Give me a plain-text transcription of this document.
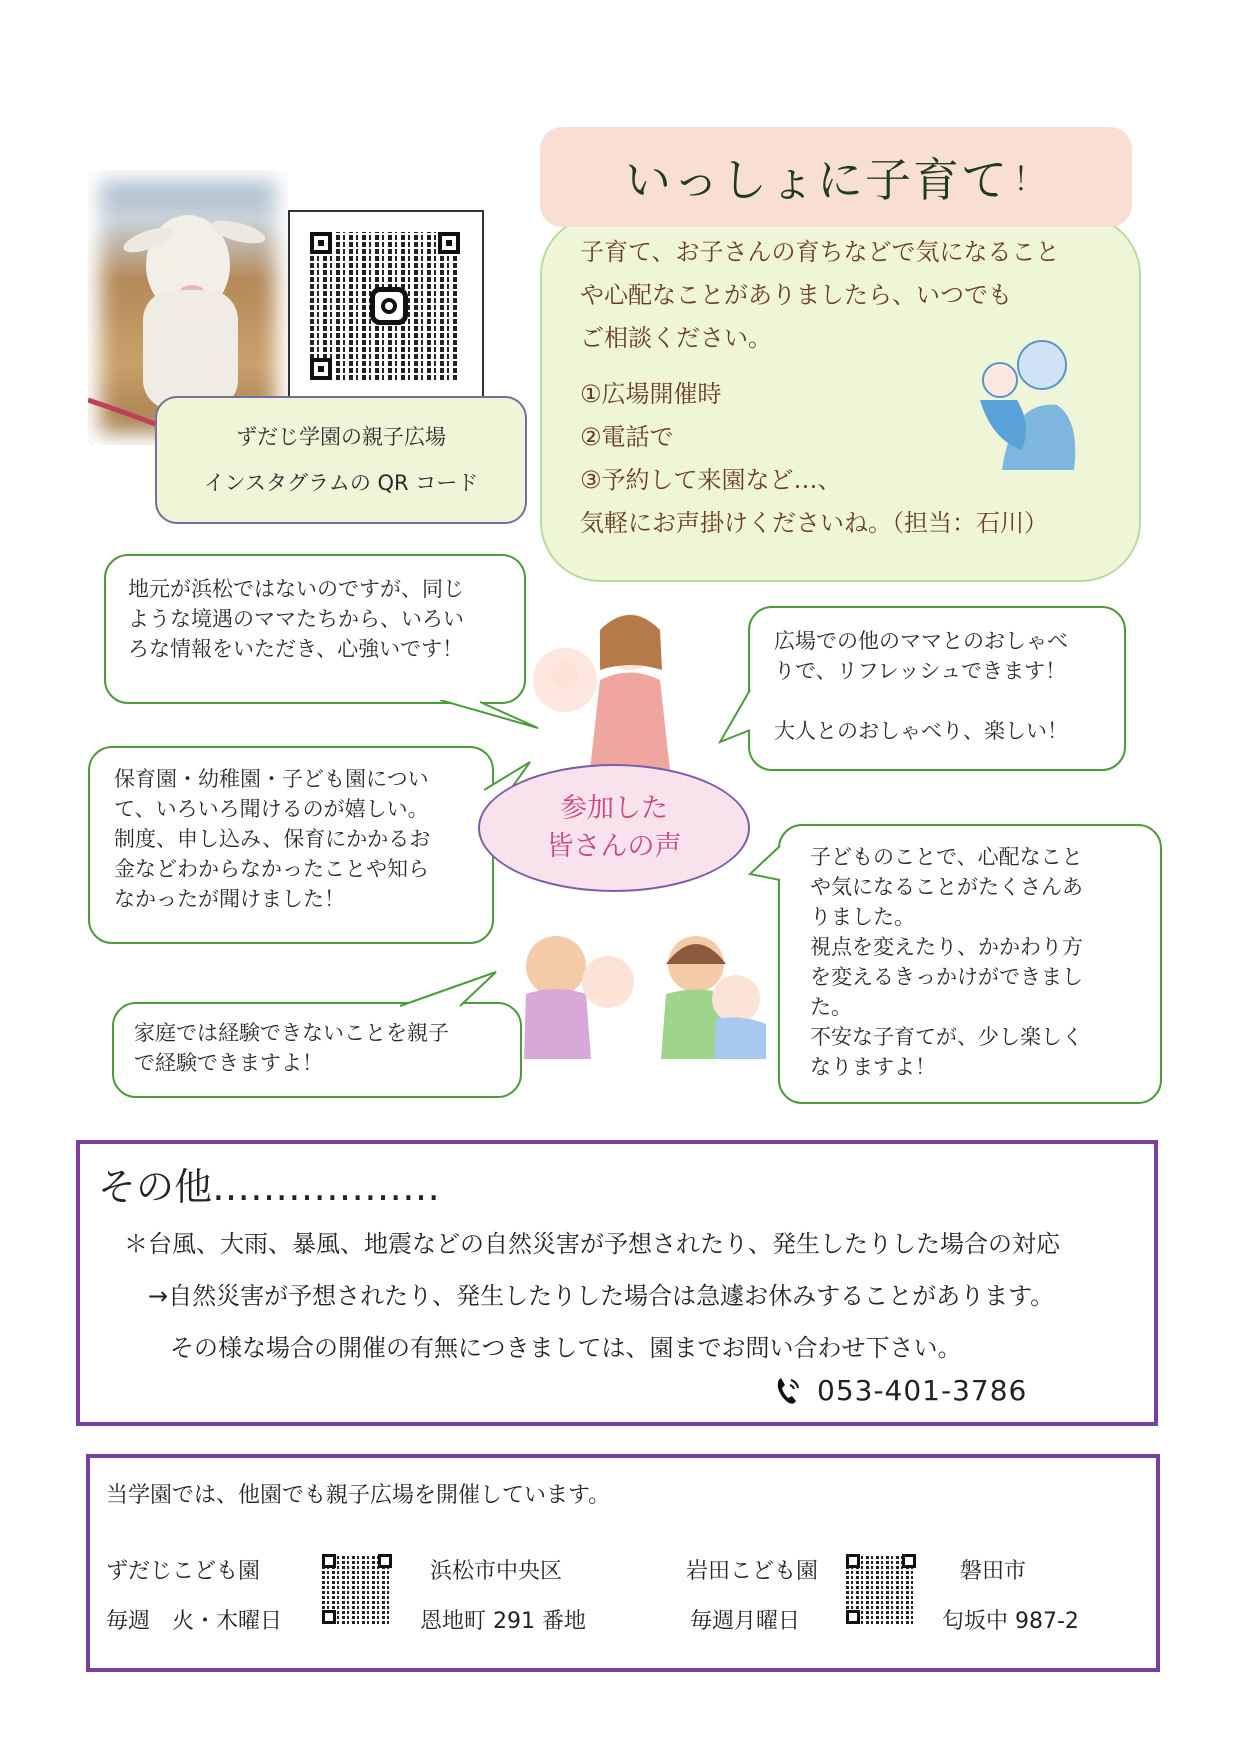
ずだじ学園の親子広場
インスタグラムの QR コード
子育て、お子さんの育ちなどで気になること
や心配なことがありましたら、いつでも
ご相談ください。
①広場開催時
②電話で
③予約して来園など…、
気軽にお声掛けくださいね。（担当：石川）
いっしょに子育て ！
地元が浜松ではないのですが、同じ
ような境遇のママたちから、いろい
ろな情報をいただき、心強いです！	広場での他のママとのおしゃべ
りで、リフレッシュできます！
大人とのおしゃべり、楽しい！
保育園・幼稚園・子ども園につい
て、いろいろ聞けるのが嬉しい。
制度、申し込み、保育にかかるお
金などわからなかったことや知ら
なかったが聞けました！
子どものことで、心配なこと
や気になることがたくさんあ
りました。
視点を変えたり、かかわり方
を変えるきっかけができまし
た。
不安な子育てが、少し楽しく
なりますよ！
家庭では経験できないことを親子
で経験できますよ！
参加した
皆さんの声
その他………………
＊台風、大雨、暴風、地震などの自然災害が予想されたり、発生したりした場合の対応
→自然災害が予想されたり、発生したりした場合は急遽お休みすることがあります。
その様な場合の開催の有無につきましては、園までお問い合わせ下さい。
053-401-3786
当学園では、他園でも親子広場を開催しています。
ずだじこども園
毎週　火・木曜日
浜松市中央区
恩地町 291 番地
岩田こども園
毎週月曜日
磐田市
匂坂中 987-2
